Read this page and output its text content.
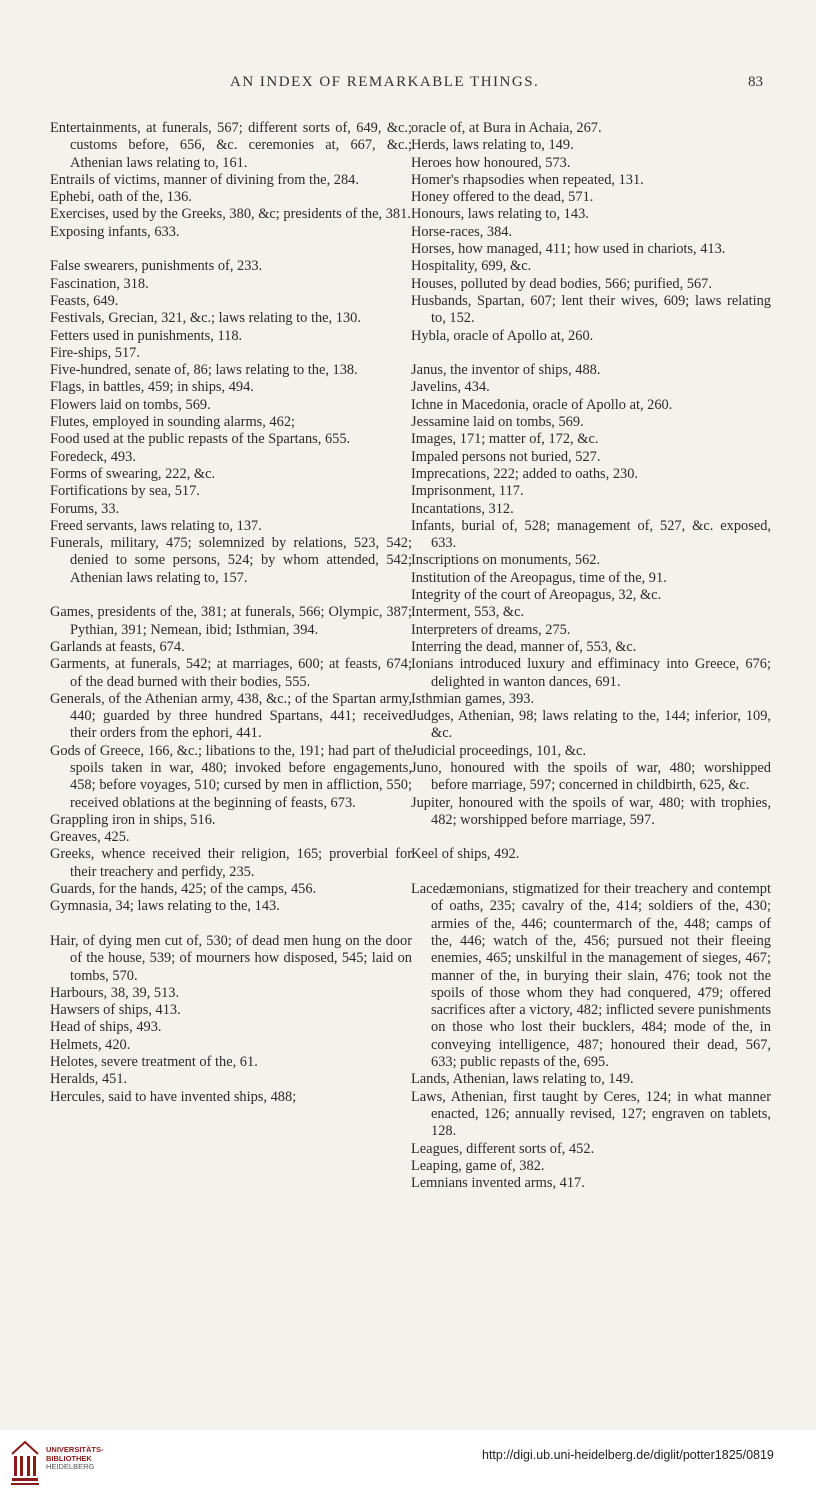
AN INDEX OF REMARKABLE THINGS.	83

Entertainments, at funerals, 567; different sorts of, 649, &c.; customs before, 656, &c. ceremonies at, 667, &c.; Athenian laws relating to, 161.

Entrails of victims, manner of divining from the, 284.

Ephebi, oath of the, 136.

Exercises, used by the Greeks, 380, &c; presidents of the, 381.

Exposing infants, 633.

False swearers, punishments of, 233.

Fascination, 318.

Feasts, 649.

Festivals, Grecian, 321, &c.; laws relating to the, 130.

Fetters used in punishments, 118.

Fire-ships, 517.

Five-hundred, senate of, 86; laws relating to the, 138.

Flags, in battles, 459; in ships, 494.

Flowers laid on tombs, 569.

Flutes, employed in sounding alarms, 462;

Food used at the public repasts of the Spartans, 655.

Foredeck, 493.

Forms of swearing, 222, &c.

Fortifications by sea, 517.

Forums, 33.

Freed servants, laws relating to, 137.

Funerals, military, 475; solemnized by relations, 523, 542; denied to some persons, 524; by whom attended, 542; Athenian laws relating to, 157.

Games, presidents of the, 381; at funerals, 566; Olympic, 387; Pythian, 391; Nemean, ibid; Isthmian, 394.

Garlands at feasts, 674.

Garments, at funerals, 542; at marriages, 600; at feasts, 674; of the dead burned with their bodies, 555.

Generals, of the Athenian army, 438, &c.; of the Spartan army, 440; guarded by three hundred Spartans, 441; received their orders from the ephori, 441.

Gods of Greece, 166, &c.; libations to the, 191; had part of the spoils taken in war, 480; invoked before engagements, 458; before voyages, 510; cursed by men in affliction, 550; received oblations at the beginning of feasts, 673.

Grappling iron in ships, 516.

Greaves, 425.

Greeks, whence received their religion, 165; proverbial for their treachery and perfidy, 235.

Guards, for the hands, 425; of the camps, 456.

Gymnasia, 34; laws relating to the, 143.

Hair, of dying men cut of, 530; of dead men hung on the door of the house, 539; of mourners how disposed, 545; laid on tombs, 570.

Harbours, 38, 39, 513.

Hawsers of ships, 413.

Head of ships, 493.

Helmets, 420.

Helotes, severe treatment of the, 61.

Heralds, 451.

Hercules, said to have invented ships, 488;

oracle of, at Bura in Achaia, 267.

Herds, laws relating to, 149.

Heroes how honoured, 573.

Homer's rhapsodies when repeated, 131.

Honey offered to the dead, 571.

Honours, laws relating to, 143.

Horse-races, 384.

Horses, how managed, 411; how used in chariots, 413.

Hospitality, 699, &c.

Houses, polluted by dead bodies, 566; purified, 567.

Husbands, Spartan, 607; lent their wives, 609; laws relating to, 152.

Hybla, oracle of Apollo at, 260.

Janus, the inventor of ships, 488.

Javelins, 434.

Ichne in Macedonia, oracle of Apollo at, 260.

Jessamine laid on tombs, 569.

Images, 171; matter of, 172, &c.

Impaled persons not buried, 527.

Imprecations, 222; added to oaths, 230.

Imprisonment, 117.

Incantations, 312.

Infants, burial of, 528; management of, 527, &c. exposed, 633.

Inscriptions on monuments, 562.

Institution of the Areopagus, time of the, 91.

Integrity of the court of Areopagus, 32, &c.

Interment, 553, &c.

Interpreters of dreams, 275.

Interring the dead, manner of, 553, &c.

Ionians introduced luxury and effiminacy into Greece, 676; delighted in wanton dances, 691.

Isthmian games, 393.

Judges, Athenian, 98; laws relating to the, 144; inferior, 109, &c.

Judicial proceedings, 101, &c.

Juno, honoured with the spoils of war, 480; worshipped before marriage, 597; concerned in childbirth, 625, &c.

Jupiter, honoured with the spoils of war, 480; with trophies, 482; worshipped before marriage, 597.

Keel of ships, 492.

Lacedæmonians, stigmatized for their treachery and contempt of oaths, 235; cavalry of the, 414; soldiers of the, 430; armies of the, 446; countermarch of the, 448; camps of the, 446; watch of the, 456; pursued not their fleeing enemies, 465; unskilful in the management of sieges, 467; manner of the, in burying their slain, 476; took not the spoils of those whom they had conquered, 479; offered sacrifices after a victory, 482; inflicted severe punishments on those who lost their bucklers, 484; mode of the, in conveying intelligence, 487; honoured their dead, 567, 633; public repasts of the, 695.

Lands, Athenian, laws relating to, 149.

Laws, Athenian, first taught by Ceres, 124; in what manner enacted, 126; annually revised, 127; engraven on tablets, 128.

Leagues, different sorts of, 452.

Leaping, game of, 382.

Lemnians invented arms, 417.

UNIVERSITÄTS-
BIBLIOTHEK
HEIDELBERG
http://digi.ub.uni-heidelberg.de/diglit/potter1825/0819
